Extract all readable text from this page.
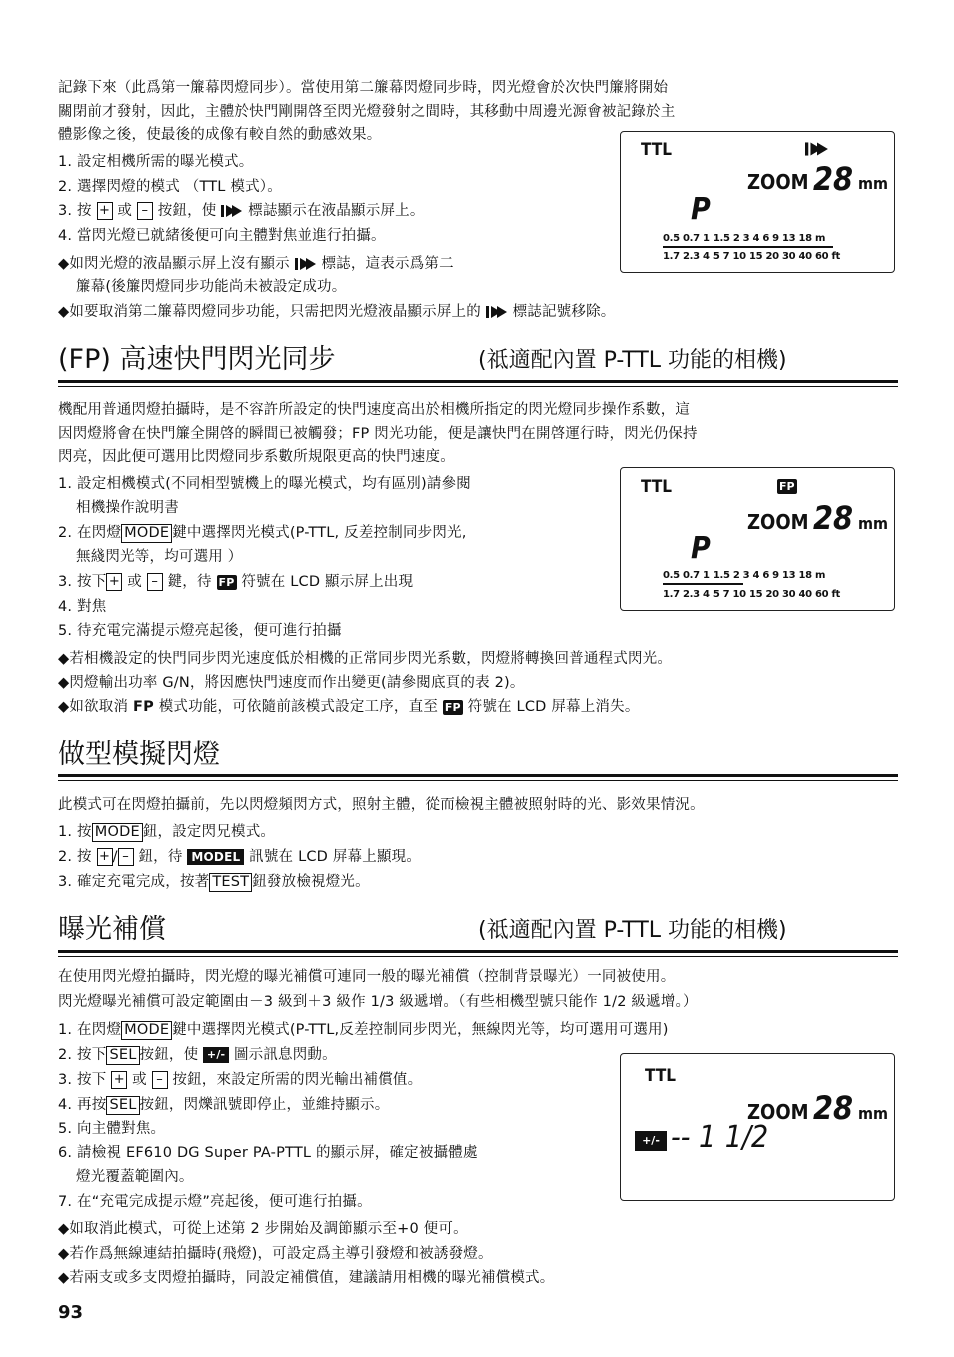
記錄下來（此爲第一簾幕閃燈同步）。當使用第二簾幕閃燈同步時，閃光燈會於次快門簾將開始
關閉前才發射，因此，主體於快門剛開啓至閃光燈發射之間時，其移動中周邊光源會被記錄於主
體影像之後，使最後的成像有較自然的動感效果。
1. 設定相機所需的曝光模式。
2. 選擇閃燈的模式 （TTL 模式）。
3. 按 + 或 – 按鈕，使 標誌顯示在液晶顯示屏上。
4. 當閃光燈已就緒後便可向主體對焦並進行拍攝。
◆如閃光燈的液晶顯示屏上沒有顯示 標誌，這表示爲第二
簾幕(後簾閃燈同步功能尚未被設定成功。
◆如要取消第二簾幕閃燈同步功能，只需把閃光燈液晶顯示屏上的 標誌記號移除。
TTL
ZOOM 28 mm
P
0.5 0.7 1 1.5 2 3 4 6 9 13 18 m
1.7 2.3 4 5 7 10 15 20 30 40 60 ft
(FP) 高速快門閃光同步	(祗適配內置 P-TTL 功能的相機)
機配用普通閃燈拍攝時，是不容許所設定的快門速度高出於相機所指定的閃光燈同步操作系數，這
因閃燈將會在快門簾全開啓的瞬間已被觸發；FP 閃光功能，便是讓快門在開啓運行時，閃光仍保持
閃亮，因此便可選用比閃燈同步系數所規限更高的快門速度。
1. 設定相機模式(不同相型號機上的曝光模式，均有區別)請參閱
相機操作說明書
2. 在閃燈 MODE 鍵中選擇閃光模式(P-TTL, 反差控制同步閃光,
無綫閃光等，均可選用 ）
3. 按下 + 或 – 鍵，待 FP 符號在 LCD 顯示屏上出現
4. 對焦
5. 待充電完滿提示燈亮起後，便可進行拍攝
◆若相機設定的快門同步閃光速度低於相機的正常同步閃光系數，閃燈將轉換回普通程式閃光。
◆閃燈輸出功率 G/N，將因應快門速度而作出變更(請參閱底頁的表 2)。
◆如欲取消 FP 模式功能，可依隨前該模式設定工序，直至 FP 符號在 LCD 屏幕上消失。
TTL	FP
ZOOM 28 mm
P
0.5 0.7 1 1.5 2 3 4 6 9 13 18 m
1.7 2.3 4 5 7 10 15 20 30 40 60 ft
做型模擬閃燈
此模式可在閃燈拍攝前，先以閃燈頻閃方式，照射主體，從而檢視主體被照射時的光、影效果情況。
1. 按 MODE 鈕，設定閃兄模式。
2. 按 + / – 鈕，待 MODEL 訊號在 LCD 屏幕上顯現。
3. 確定充電完成，按著 TEST 鈕發放檢視燈光。
曝光補償	(祗適配內置 P-TTL 功能的相機)
在使用閃光燈拍攝時，閃光燈的曝光補償可連同一般的曝光補償（控制背景曝光）一同被使用。
閃光燈曝光補償可設定範圍由－3 級到＋3 級作 1/3 級遞增。（有些相機型號只能作 1/2 級遞增。）
1. 在閃燈 MODE 鍵中選擇閃光模式(P-TTL,反差控制同步閃光，無線閃光等，均可選用可選用)
2. 按下 SEL 按鈕，使 +/- 圖示訊息閃動。
3. 按下 + 或 – 按鈕，來設定所需的閃光輸出補償值。
4. 再按 SEL 按鈕，閃爍訊號即停止，並維持顯示。
5. 向主體對焦。
6. 請檢視 EF610 DG Super PA-PTTL 的顯示屏，確定被攝體處
燈光覆蓋範圍內。
7. 在“充電完成提示燈”亮起後，便可進行拍攝。
◆如取消此模式，可從上述第 2 步開始及調節顯示至+0 便可。
◆若作爲無線連結拍攝時(飛燈)，可設定爲主導引發燈和被誘發燈。
◆若兩支或多支閃燈拍攝時，同設定補償值，建議請用相機的曝光補償模式。
TTL
ZOOM 28 mm
+/- -- 1 1/2
93
